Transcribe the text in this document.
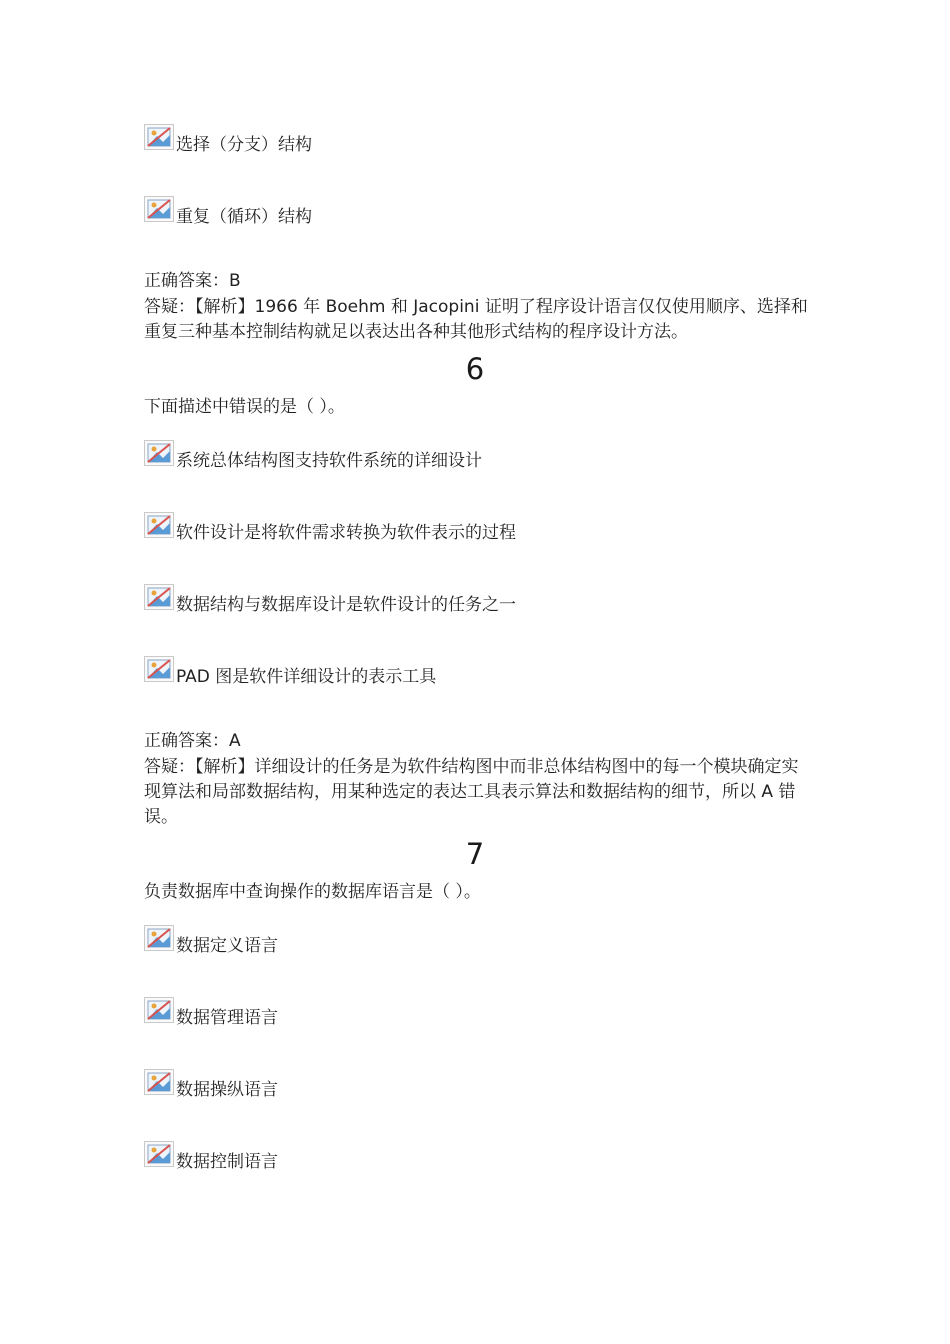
选择（分支）结构
重复（循环）结构
正确答案：B
答疑：【解析】1966 年 Boehm 和 Jacopini 证明了程序设计语言仅仅使用顺序、选择和重复三种基本控制结构就足以表达出各种其他形式结构的程序设计方法。
6
下面描述中错误的是（ ）。
系统总体结构图支持软件系统的详细设计
软件设计是将软件需求转换为软件表示的过程
数据结构与数据库设计是软件设计的任务之一
PAD 图是软件详细设计的表示工具
正确答案：A
答疑：【解析】详细设计的任务是为软件结构图中而非总体结构图中的每一个模块确定实现算法和局部数据结构，用某种选定的表达工具表示算法和数据结构的细节，所以 A 错误。
7
负责数据库中查询操作的数据库语言是（ ）。
数据定义语言
数据管理语言
数据操纵语言
数据控制语言
